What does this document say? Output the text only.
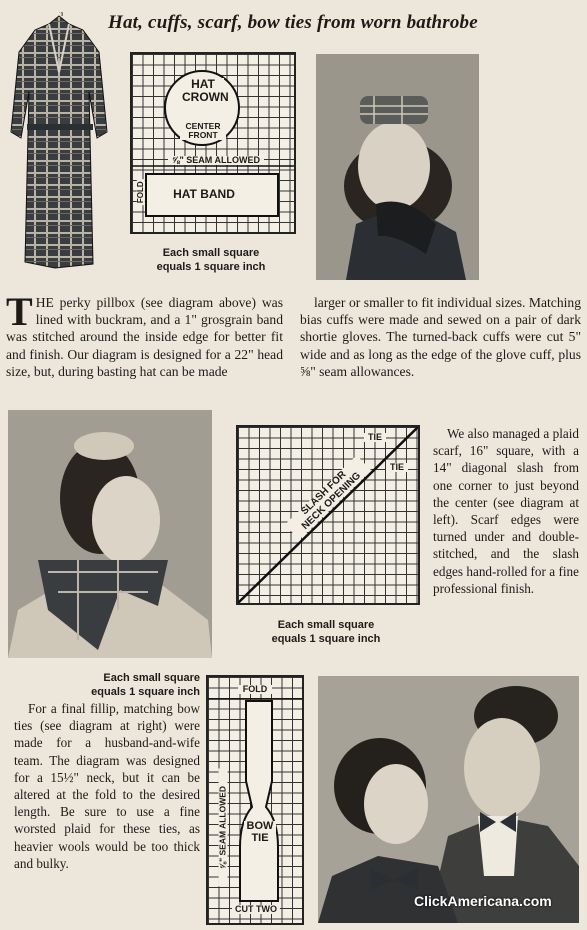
Hat, cuffs, scarf, bow ties from worn bathrobe
HAT
CROWN
CENTER
FRONT
⅝" SEAM ALLOWED
HAT BAND
FOLD
Each small square
equals 1 square inch
THE perky pillbox (see diagram above) was lined with buckram, and a 1" grosgrain band was stitched around the inside edge for better fit and finish. Our diagram is designed for a 22" head size, but, during basting hat can be made
larger or smaller to fit individual sizes. Matching bias cuffs were made and sewed on a pair of dark shortie gloves. The turned-back cuffs were cut 5" wide and as long as the edge of the glove cuff, plus ⅝" seam allowances.
TIE
TIE
SLASH FOR
NECK OPENING
Each small square
equals 1 square inch
We also managed a plaid scarf, 16" square, with a 14" diagonal slash from one corner to just beyond the center (see diagram at left). Scarf edges were turned under and double-stitched, and the slash edges hand-rolled for a fine professional finish.
Each small square
equals 1 square inch
For a final fillip, matching bow ties (see diagram at right) were made for a husband-and-wife team. The diagram was designed for a 15½" neck, but it can be altered at the fold to the desired length. Be sure to use a fine worsted plaid for these ties, as heavier wools would be too thick and bulky.
FOLD
⅝" SEAM ALLOWED BOW
TIE
CUT TWO	ClickAmericana.com
